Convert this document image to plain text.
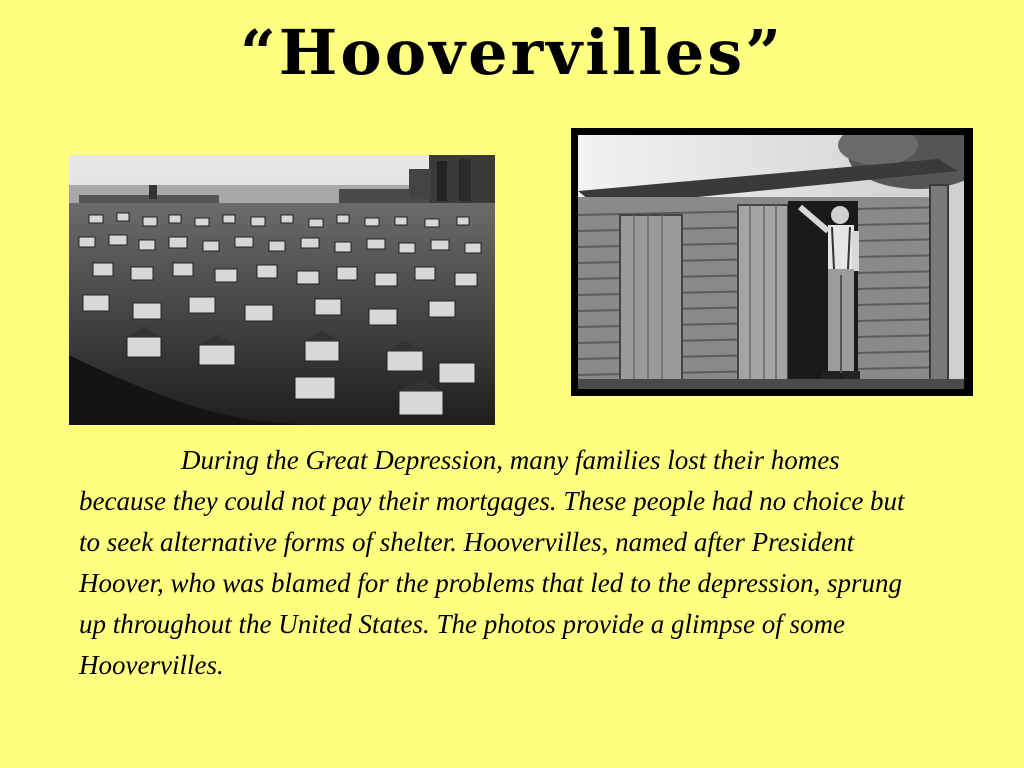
“Hoovervilles”

During the Great Depression, many families lost their homes because they could not pay their mortgages. These people had no choice but to seek alternative forms of shelter. Hoovervilles, named after President Hoover, who was blamed for the problems that led to the depression, sprung up throughout the United States. The photos provide a glimpse of some Hoovervilles.
